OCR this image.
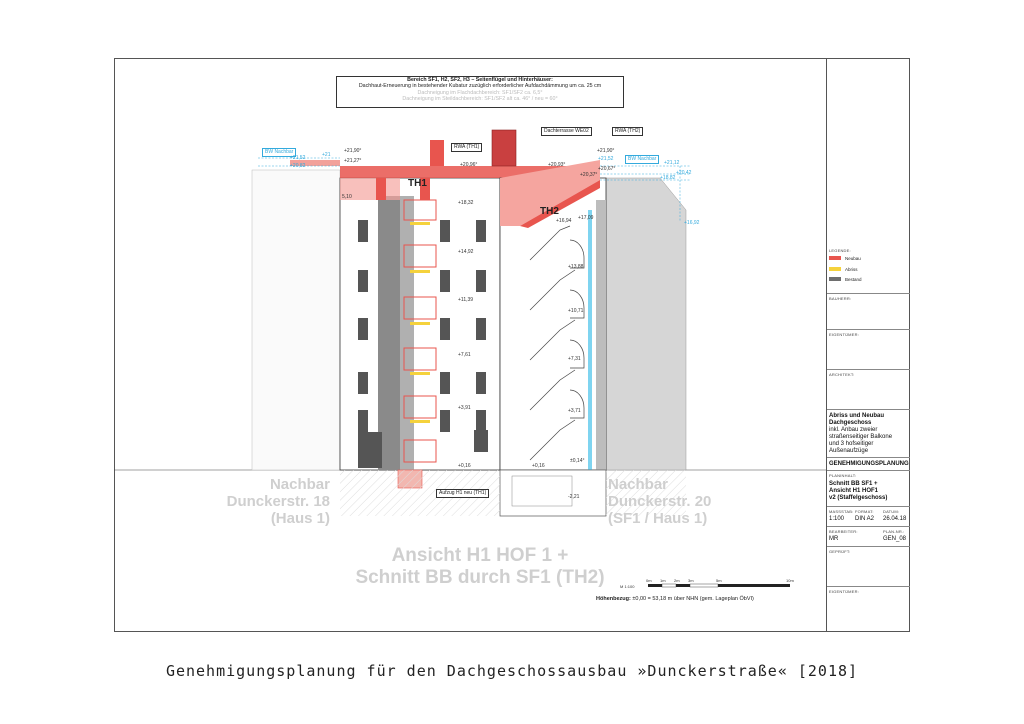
Bereich SF1, H2, SF2, H3 – Seitenflügel und Hinterhäuser:
Dachhaut-Erneuerung in bestehender Kubatur zuzüglich erforderlicher Aufdachdämmung um ca. 25 cm
Dachneigung im Flachdachbereich: SF1/SF2 ca. 6,5°
Dachneigung im Steildachbereich: SF1/SF2 alt ca. 46° / neu = 60°
Dachterrasse WE02	RWA (TH2)
RWA (TH1)
BW Nachbar
BW Nachbar
Aufzug H1 neu (TH1)
TH1
TH2
+21,90°
+21,27°
+20,96°	+20,93°
+21,90°
+21,52
+20,67°
+20,37°
+18,32
+16,94 +17,09
+14,92
+13,88
+11,39
+10,71
+7,61
+7,31
+3,91	+3,71
+0,16	+0,16
±0,14°
-2,21
5,10
+21,52
+20,82
+21
+21,12
+20,42
+18,82
+16,92
Nachbar
Dunckerstr. 18
(Haus 1)
Nachbar
Dunckerstr. 20
(SF1 / Haus 1)
Ansicht H1 HOF 1 +
Schnitt BB durch SF1 (TH2)	M 1:100
0m 1m 2m 3m	5m	10m
Höhenbezug: ±0,00 = 53,18 m über NHN (gem. Lageplan ÖbVI)
LEGENDE:
Neubau
Abriss
Bestand
BAUHERR:
EIGENTÜMER:
ARCHITEKT:
Abriss und Neubau
Dachgeschoss
inkl. Anbau zweier
straßenseitiger Balkone
und 3 hofseitiger
Außenaufzüge
GENEHMIGUNGSPLANUNG
PLANINHALT:
Schnitt BB SF1 +
Ansicht H1 HOF1
v2 (Staffelgeschoss)
MASSSTAB:
1:100
FORMAT:
DIN A2
DATUM:
26.04.18
BEARBEITER:
MR
PLAN-NR.:
GEN_08
GEPRÜFT:
EIGENTÜMER:
Genehmigungsplanung für den Dachgeschossausbau »Dunckerstraße« [2018]
